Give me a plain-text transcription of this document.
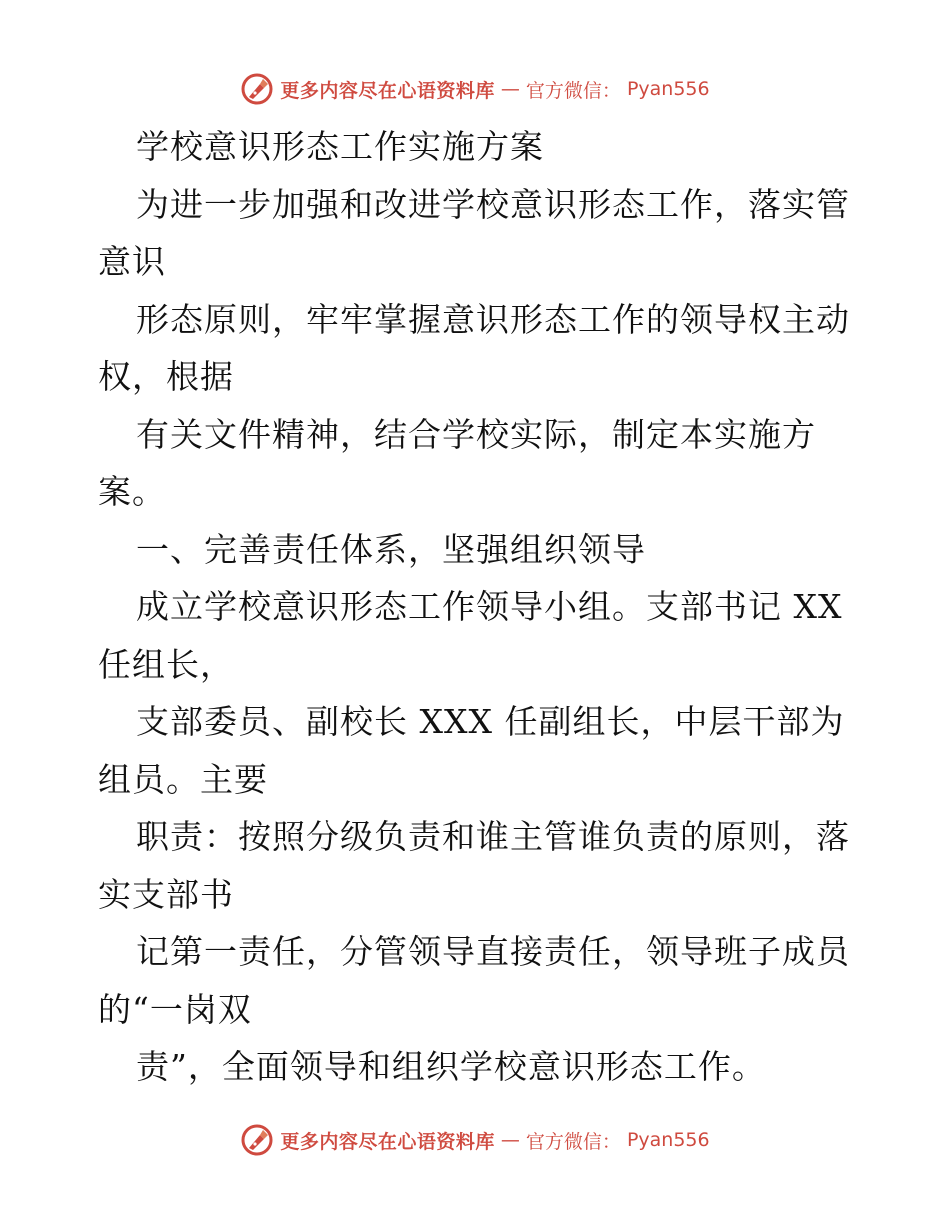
更多内容尽在心语资料库 — 官方微信： Pyan556
学校意识形态工作实施方案
为进一步加强和改进学校意识形态工作，落实管
意识
形态原则，牢牢掌握意识形态工作的领导权主动
权，根据
有关文件精神，结合学校实际，制定本实施方
案。
一、完善责任体系，坚强组织领导
成立学校意识形态工作领导小组。支部书记 XX
任组长，
支部委员、副校长 XXX 任副组长，中层干部为
组员。主要
职责：按照分级负责和谁主管谁负责的原则，落
实支部书
记第一责任，分管领导直接责任，领导班子成员
的“一岗双
责”，全面领导和组织学校意识形态工作。
更多内容尽在心语资料库 — 官方微信： Pyan556
